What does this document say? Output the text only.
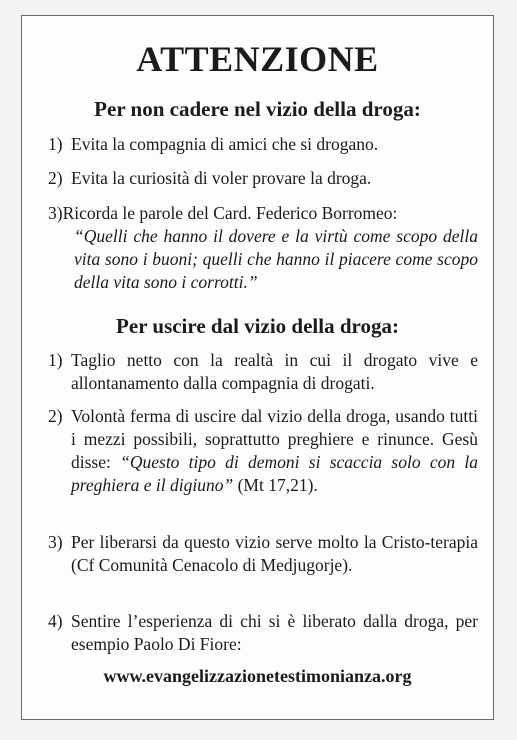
ATTENZIONE
Per non cadere nel vizio della droga:
1) Evita la compagnia di amici che si drogano.
2) Evita la curiosità di voler provare la droga.
3)Ricorda le parole del Card. Federico Borromeo:
“Quelli che hanno il dovere e la virtù come scopo della vita sono i buoni; quelli che hanno il piacere come scopo della vita sono i corrotti.”
Per uscire dal vizio della droga:
1) Taglio netto con la realtà in cui il drogato vive e allontanamento dalla compagnia di drogati.
2) Volontà ferma di uscire dal vizio della droga, usando tutti i mezzi possibili, soprattutto preghiere e rinunce. Gesù disse: “Questo tipo di demoni si scaccia solo con la preghiera e il digiuno” (Mt 17,21).
3) Per liberarsi da questo vizio serve molto la Cristo-terapia (Cf Comunità Cenacolo di Medjugorje).
4) Sentire l’esperienza di chi si è liberato dalla droga, per esempio Paolo Di Fiore:
www.evangelizzazionetestimonianza.org
